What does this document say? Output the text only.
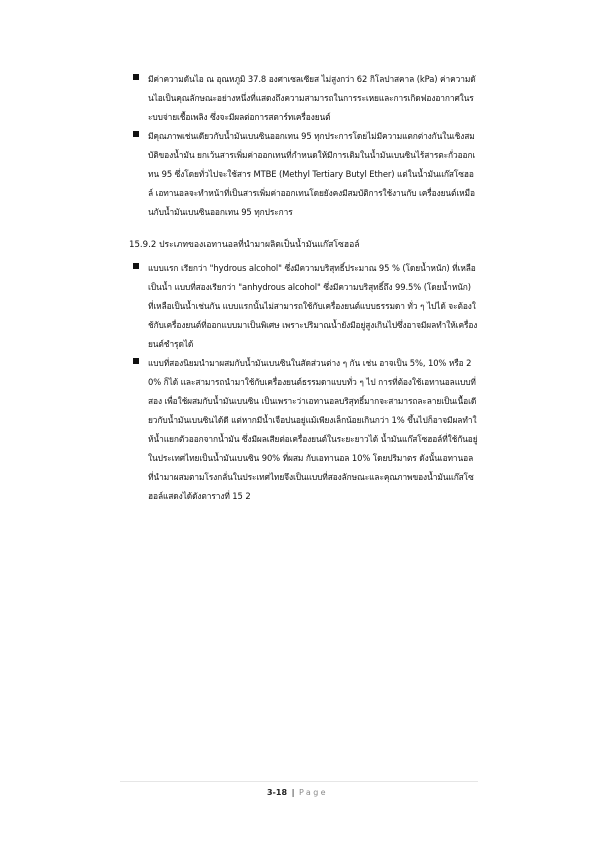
มีค่าความดันไอ ณ อุณหภูมิ 37.8 องศาเซลเซียส ไม่สูงกว่า 62 กิโลปาสคาล (kPa) ค่าความดันไอเป็นคุณลักษณะอย่างหนึ่งที่แสดงถึงความสามารถในการระเหยและการเกิดฟองอากาศในระบบจ่ายเชื้อเพลิง ซึ่งจะมีผลต่อการสตาร์ทเครื่องยนต์
มีคุณภาพเช่นเดียวกับน้ำมันเบนซินออกเทน 95 ทุกประการโดยไม่มีความแตกต่างกันในเชิงสมบัติของน้ำมัน ยกเว้นสารเพิ่มค่าออกเทนที่กำหนดให้มีการเติมในน้ำมันเบนซินไร้สารตะกั่วออกเทน 95 ซึ่งโดยทั่วไปจะใช้สาร MTBE (Methyl Tertiary Butyl Ether) แต่ในน้ำมันแก๊สโซฮอล์ เอทานอลจะทำหน้าที่เป็นสารเพิ่มค่าออกเทนโดยยังคงมีสมบัติการใช้งานกับ เครื่องยนต์เหมือนกับน้ำมันเบนซินออกเทน 95 ทุกประการ
15.9.2 ประเภทของเอทานอลที่นำมาผลิตเป็นน้ำมันแก๊สโซฮอล์
แบบแรก เรียกว่า "hydrous alcohol" ซึ่งมีความบริสุทธิ์ประมาณ 95 % (โดยน้ำหนัก) ที่เหลือเป็นน้ำ แบบที่สองเรียกว่า "anhydrous alcohol" ซึ่งมีความบริสุทธิ์ถึง 99.5% (โดยน้ำหนัก) ที่เหลือเป็นน้ำเช่นกัน แบบแรกนั้นไม่สามารถใช้กับเครื่องยนต์แบบธรรมดา ทั่ว ๆ ไปได้ จะต้องใช้กับเครื่องยนต์ที่ออกแบบมาเป็นพิเศษ เพราะปริมาณน้ำยังมีอยู่สูงเกินไปซึ่งอาจมีผลทำให้เครื่องยนต์ชำรุดได้
แบบที่สองนิยมนำมาผสมกับน้ำมันเบนซินในสัดส่วนต่าง ๆ กัน เช่น อาจเป็น 5%, 10% หรือ 20% ก็ได้ และสามารถนำมาใช้กับเครื่องยนต์ธรรมดาแบบทั่ว ๆ ไป การที่ต้องใช้เอทานอลแบบที่สอง เพื่อใช้ผสมกับน้ำมันเบนซิน เป็นเพราะว่าเอทานอลบริสุทธิ์มากจะสามารถละลายเป็นเนื้อเดียวกับน้ำมันเบนซินได้ดี แต่หากมีน้ำเจือปนอยู่แม้เพียงเล็กน้อยเกินกว่า 1% ขึ้นไปก็อาจมีผลทำให้น้ำแยกตัวออกจากน้ำมัน ซึ่งมีผลเสียต่อเครื่องยนต์ในระยะยาวได้ น้ำมันแก๊สโซฮอล์ที่ใช้กันอยู่ในประเทศไทยเป็นน้ำมันเบนซิน 90% ที่ผสม กับเอทานอล 10% โดยปริมาตร ดังนั้นเอทานอลที่นำมาผสมตามโรงกลั่นในประเทศไทยจึงเป็นแบบที่สองลักษณะและคุณภาพของน้ำมันแก๊สโซฮอล์แสดงได้ดังตารางที่ 15 2
3-18 | Page
